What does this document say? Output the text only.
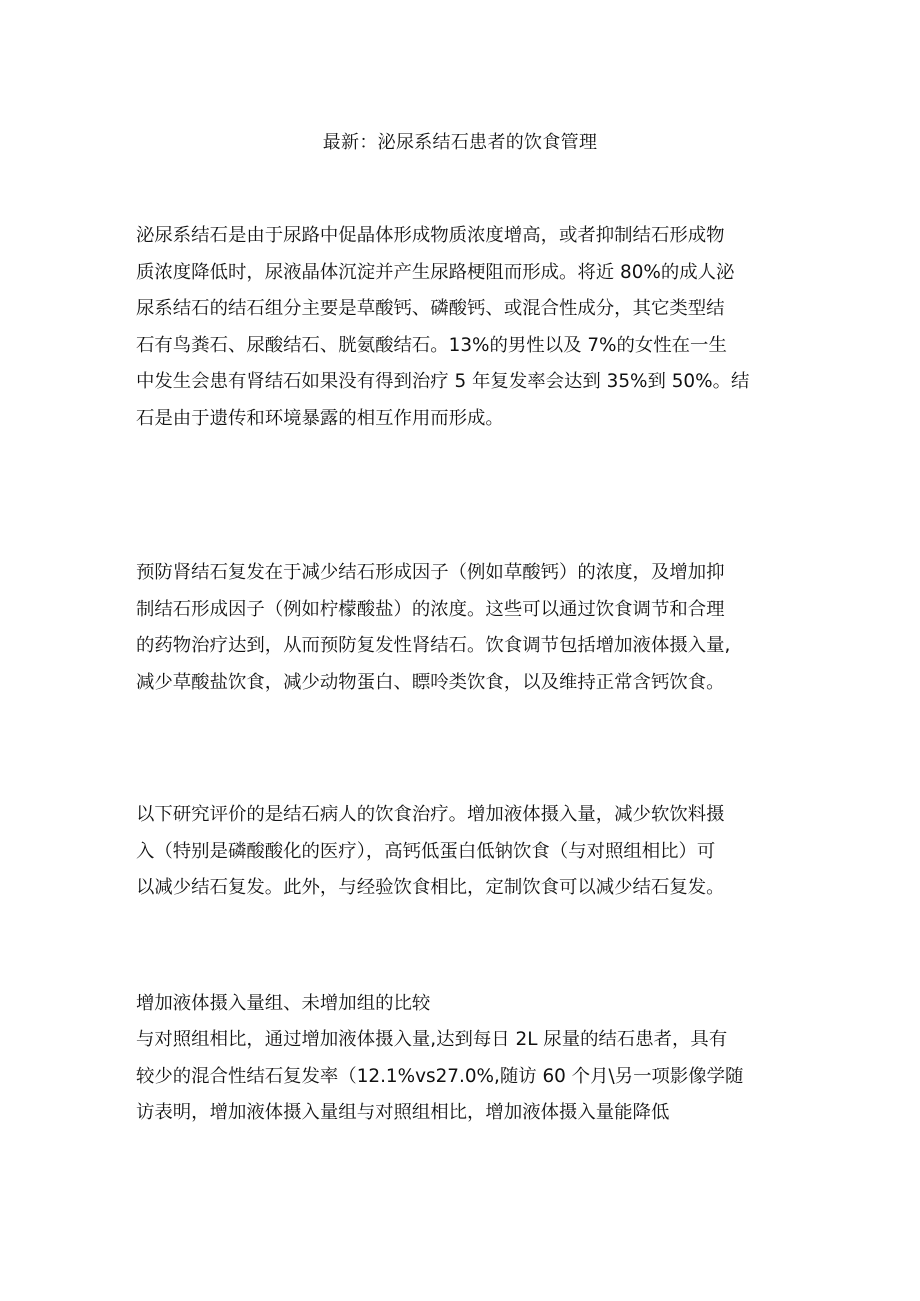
最新：泌尿系结石患者的饮食管理

泌尿系结石是由于尿路中促晶体形成物质浓度增高，或者抑制结石形成物
质浓度降低时，尿液晶体沉淀并产生尿路梗阻而形成。将近 80%的成人泌
尿系结石的结石组分主要是草酸钙、磷酸钙、或混合性成分，其它类型结
石有鸟粪石、尿酸结石、胱氨酸结石。13%的男性以及 7%的女性在一生
中发生会患有肾结石如果没有得到治疗 5 年复发率会达到 35%到 50%。结
石是由于遗传和环境暴露的相互作用而形成。

预防肾结石复发在于减少结石形成因子（例如草酸钙）的浓度，及增加抑
制结石形成因子（例如柠檬酸盐）的浓度。这些可以通过饮食调节和合理
的药物治疗达到，从而预防复发性肾结石。饮食调节包括增加液体摄入量,
减少草酸盐饮食，减少动物蛋白、瞟呤类饮食，以及维持正常含钙饮食。

以下研究评价的是结石病人的饮食治疗。增加液体摄入量，减少软饮料摄
入（特别是磷酸酸化的医疗），高钙低蛋白低钠饮食（与对照组相比）可
以减少结石复发。此外，与经验饮食相比，定制饮食可以减少结石复发。

增加液体摄入量组、未增加组的比较

与对照组相比，通过增加液体摄入量,达到每日 2L 尿量的结石患者，具有
较少的混合性结石复发率（12.1%vs27.0%,随访 60 个月\另一项影像学随
访表明，增加液体摄入量组与对照组相比，增加液体摄入量能降低
